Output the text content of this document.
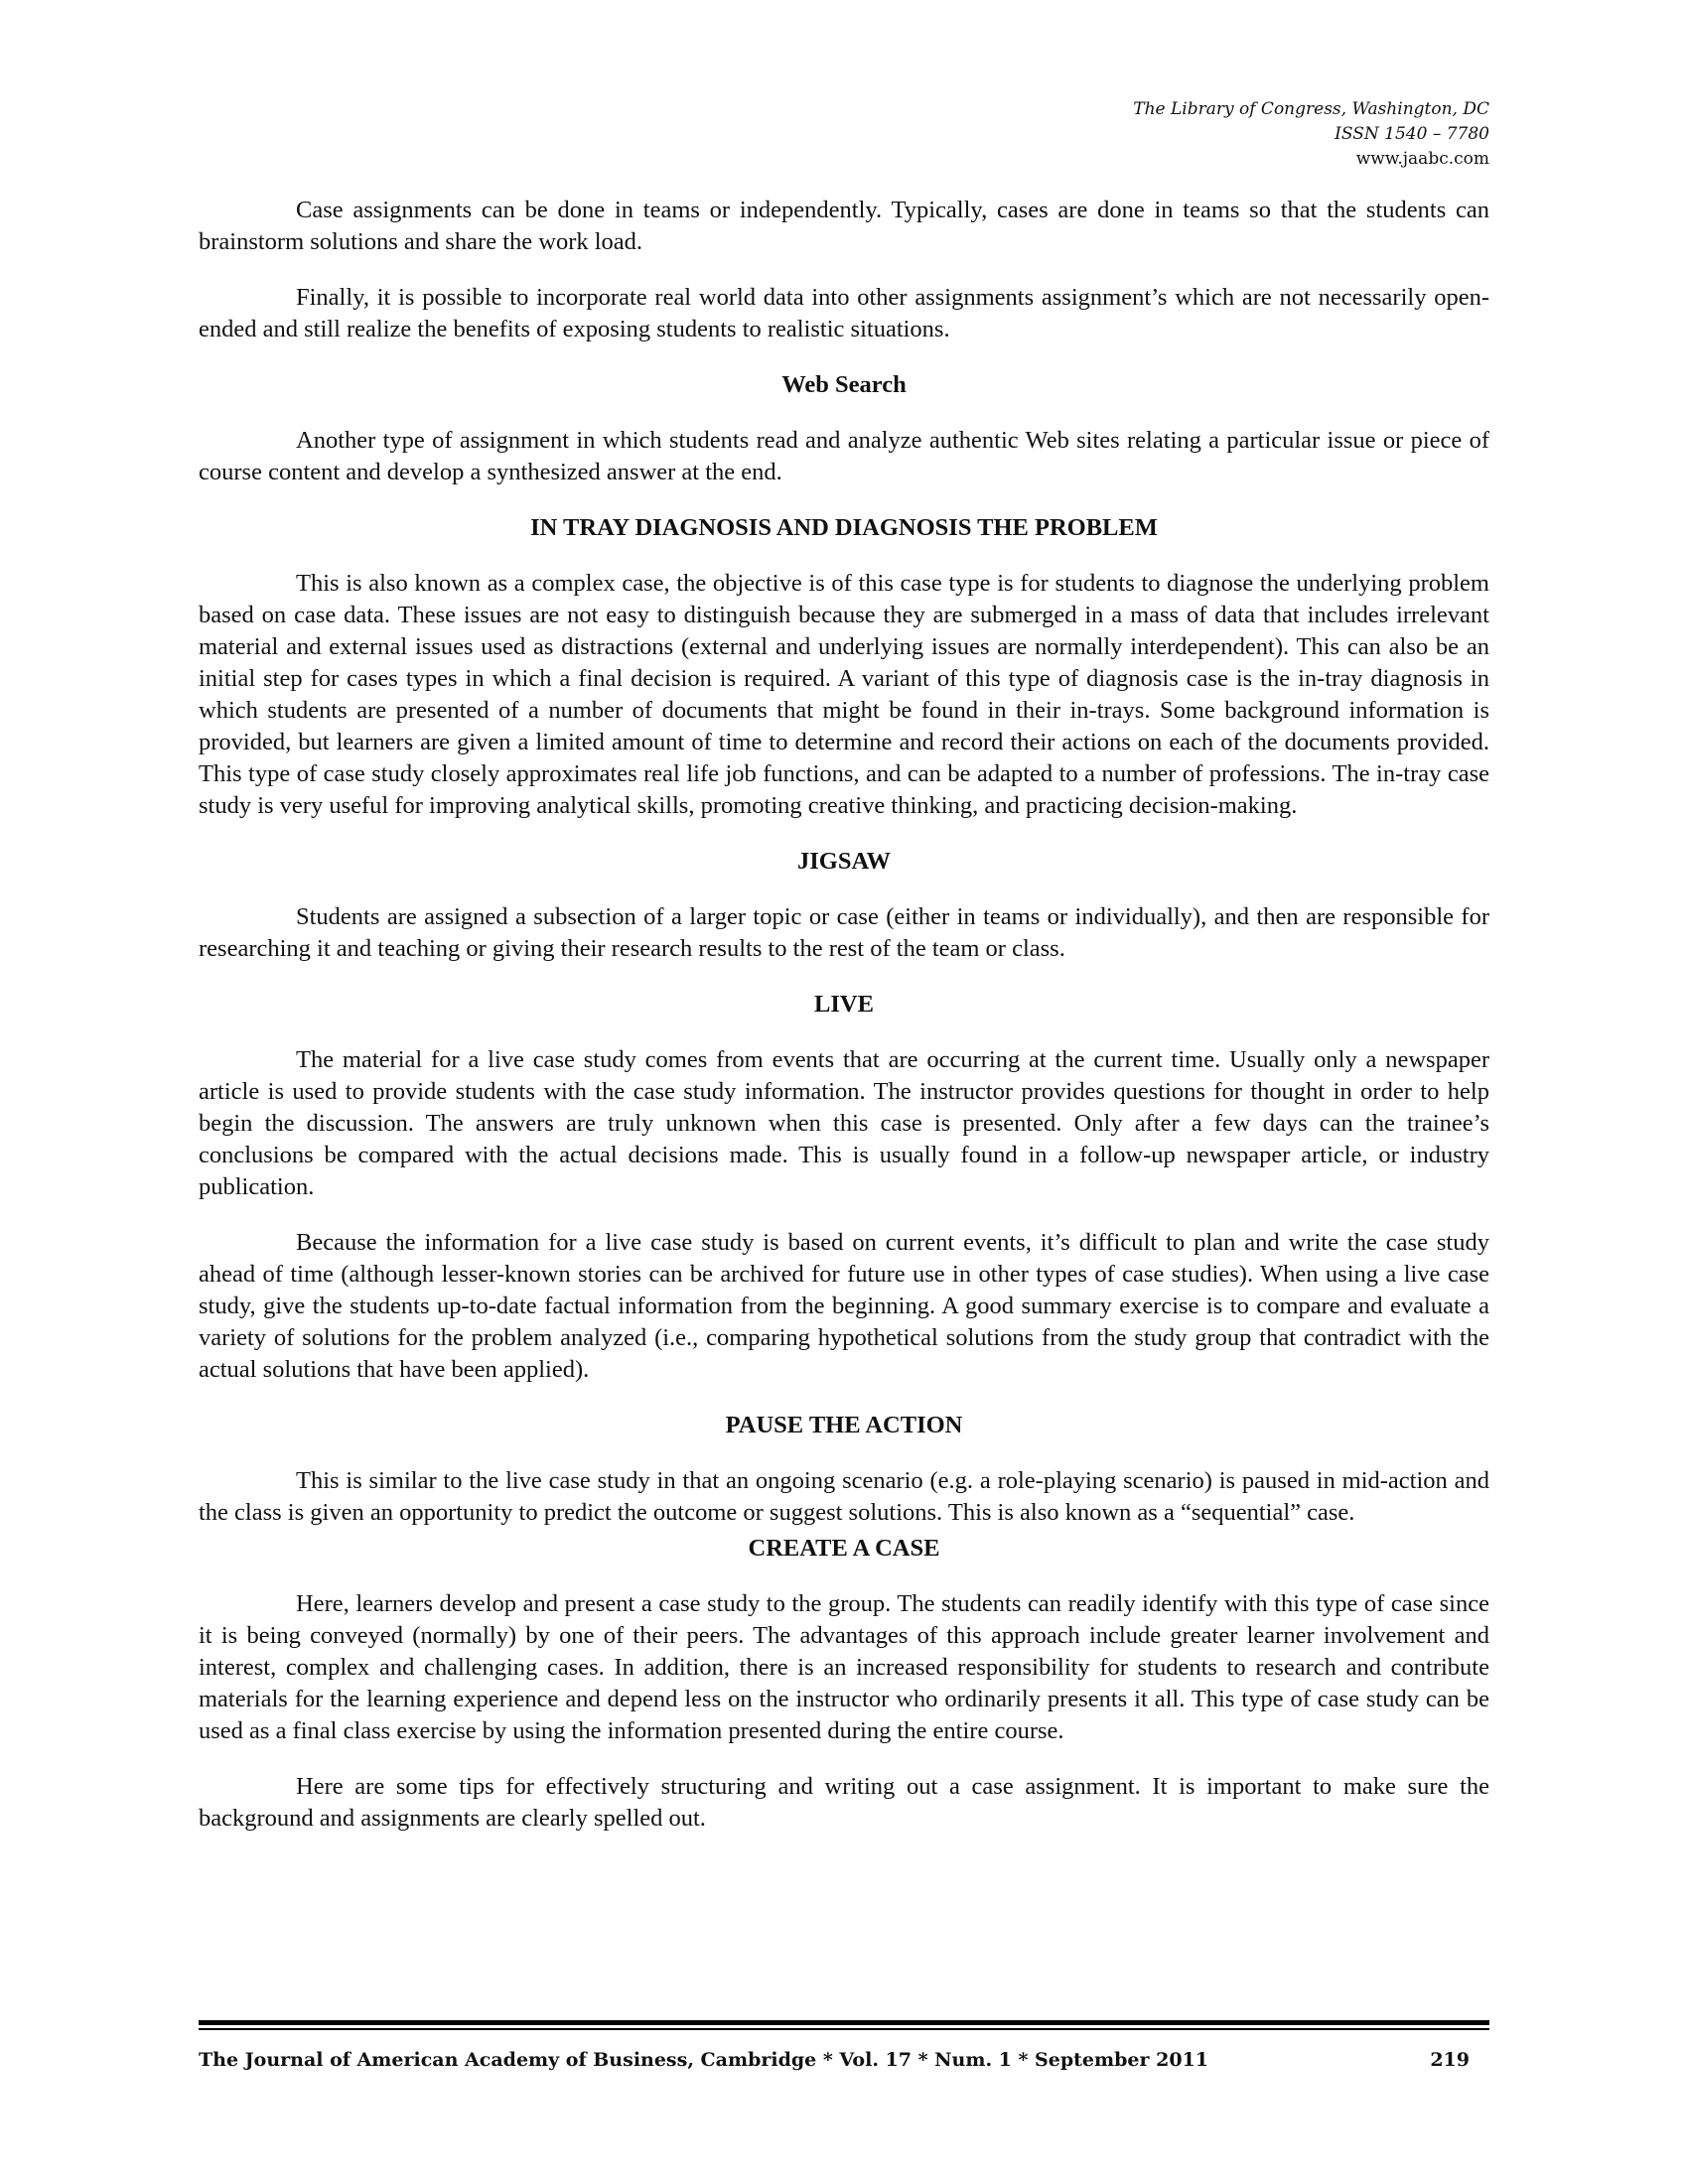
The Library of Congress, Washington, DC
ISSN 1540 – 7780
www.jaabc.com

Case assignments can be done in teams or independently. Typically, cases are done in teams so that the students can brainstorm solutions and share the work load.

Finally, it is possible to incorporate real world data into other assignments assignment’s which are not necessarily open-ended and still realize the benefits of exposing students to realistic situations.

Web Search

Another type of assignment in which students read and analyze authentic Web sites relating a particular issue or piece of course content and develop a synthesized answer at the end.

IN TRAY DIAGNOSIS AND DIAGNOSIS THE PROBLEM

This is also known as a complex case, the objective is of this case type is for students to diagnose the underlying problem based on case data. These issues are not easy to distinguish because they are submerged in a mass of data that includes irrelevant material and external issues used as distractions (external and underlying issues are normally interdependent). This can also be an initial step for cases types in which a final decision is required. A variant of this type of diagnosis case is the in-tray diagnosis in which students are presented of a number of documents that might be found in their in-trays. Some background information is provided, but learners are given a limited amount of time to determine and record their actions on each of the documents provided. This type of case study closely approximates real life job functions, and can be adapted to a number of professions. The in-tray case study is very useful for improving analytical skills, promoting creative thinking, and practicing decision-making.

JIGSAW

Students are assigned a subsection of a larger topic or case (either in teams or individually), and then are responsible for researching it and teaching or giving their research results to the rest of the team or class.

LIVE

The material for a live case study comes from events that are occurring at the current time. Usually only a newspaper article is used to provide students with the case study information. The instructor provides questions for thought in order to help begin the discussion. The answers are truly unknown when this case is presented. Only after a few days can the trainee’s conclusions be compared with the actual decisions made. This is usually found in a follow-up newspaper article, or industry publication.

Because the information for a live case study is based on current events, it’s difficult to plan and write the case study ahead of time (although lesser-known stories can be archived for future use in other types of case studies). When using a live case study, give the students up-to-date factual information from the beginning. A good summary exercise is to compare and evaluate a variety of solutions for the problem analyzed (i.e., comparing hypothetical solutions from the study group that contradict with the actual solutions that have been applied).

PAUSE THE ACTION

This is similar to the live case study in that an ongoing scenario (e.g. a role-playing scenario) is paused in mid-action and the class is given an opportunity to predict the outcome or suggest solutions. This is also known as a “sequential” case.

CREATE A CASE

Here, learners develop and present a case study to the group. The students can readily identify with this type of case since it is being conveyed (normally) by one of their peers. The advantages of this approach include greater learner involvement and interest, complex and challenging cases. In addition, there is an increased responsibility for students to research and contribute materials for the learning experience and depend less on the instructor who ordinarily presents it all. This type of case study can be used as a final class exercise by using the information presented during the entire course.

Here are some tips for effectively structuring and writing out a case assignment. It is important to make sure the background and assignments are clearly spelled out.

The Journal of American Academy of Business, Cambridge * Vol. 17 * Num. 1 * September 2011	219
